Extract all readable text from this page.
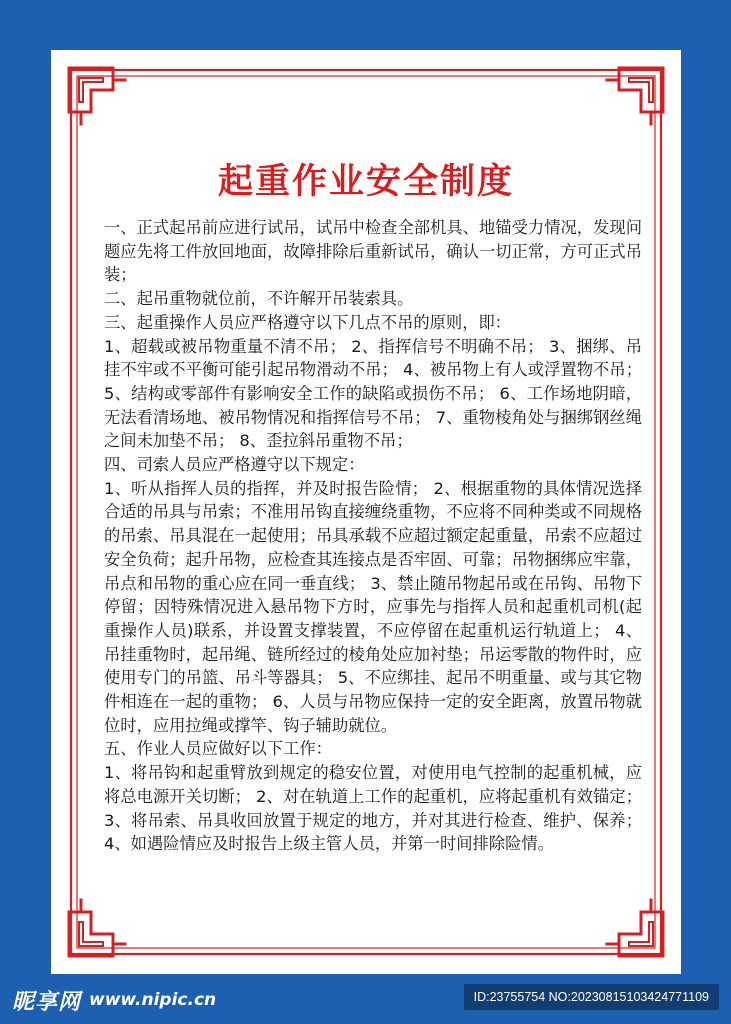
起重作业安全制度

一、正式起吊前应进行试吊，试吊中检查全部机具、地锚受力情况，发现问题应先将工件放回地面，故障排除后重新试吊，确认一切正常，方可正式吊装；

二、起吊重物就位前，不许解开吊装索具。

三、起重操作人员应严格遵守以下几点不吊的原则，即：

1、超载或被吊物重量不清不吊； 2、指挥信号不明确不吊； 3、捆绑、吊挂不牢或不平衡可能引起吊物滑动不吊； 4、被吊物上有人或浮置物不吊； 5、结构或零部件有影响安全工作的缺陷或损伤不吊； 6、工作场地阴暗，无法看清场地、被吊物情况和指挥信号不吊； 7、重物棱角处与捆绑钢丝绳之间未加垫不吊； 8、歪拉斜吊重物不吊；

四、司索人员应严格遵守以下规定：

1、听从指挥人员的指挥，并及时报告险情； 2、根据重物的具体情况选择合适的吊具与吊索；不准用吊钩直接缠绕重物，不应将不同种类或不同规格的吊索、吊具混在一起使用；吊具承载不应超过额定起重量，吊索不应超过安全负荷；起升吊物，应检查其连接点是否牢固、可靠；吊物捆绑应牢靠，吊点和吊物的重心应在同一垂直线； 3、禁止随吊物起吊或在吊钩、吊物下停留；因特殊情况进入悬吊物下方时，应事先与指挥人员和起重机司机(起重操作人员)联系，并设置支撑装置，不应停留在起重机运行轨道上； 4、吊挂重物时，起吊绳、链所经过的棱角处应加衬垫；吊运零散的物件时，应使用专门的吊篮、吊斗等器具； 5、不应绑挂、起吊不明重量、或与其它物件相连在一起的重物； 6、人员与吊物应保持一定的安全距离，放置吊物就位时，应用拉绳或撑竿、钩子辅助就位。

五、作业人员应做好以下工作：

1、将吊钩和起重臂放到规定的稳安位置，对使用电气控制的起重机械，应将总电源开关切断； 2、对在轨道上工作的起重机，应将起重机有效锚定； 3、将吊索、吊具收回放置于规定的地方，并对其进行检查、维护、保养；4、如遇险情应及时报告上级主管人员，并第一时间排除险情。

昵享网 www.nipic.cn	ID:23755754 NO:20230815103424771109
